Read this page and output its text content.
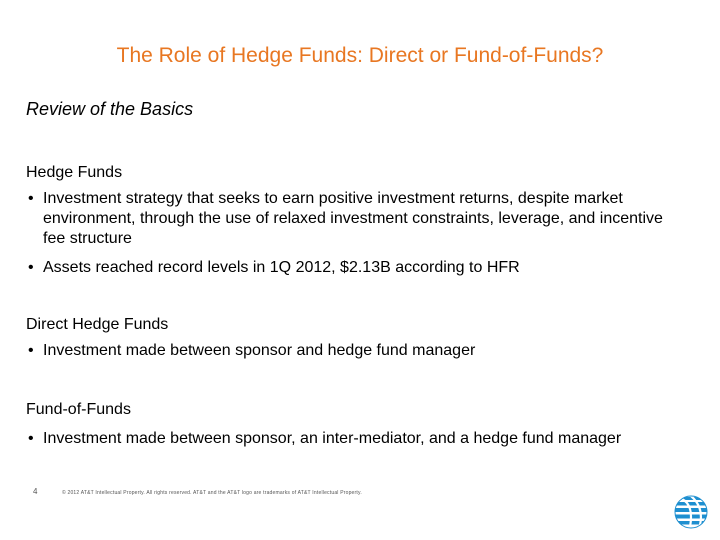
The Role of Hedge Funds: Direct or Fund-of-Funds?
Review of the Basics
Hedge Funds
• Investment strategy that seeks to earn positive investment returns, despite market environment, through the use of relaxed investment constraints, leverage, and incentive fee structure
• Assets reached record levels in 1Q 2012, $2.13B according to HFR
Direct Hedge Funds
• Investment made between sponsor and hedge fund manager
Fund-of-Funds
• Investment made between sponsor, an inter-mediator, and a hedge fund manager
4	© 2012 AT&T Intellectual Property. All rights reserved. AT&T and the AT&T logo are trademarks of AT&T Intellectual Property.
